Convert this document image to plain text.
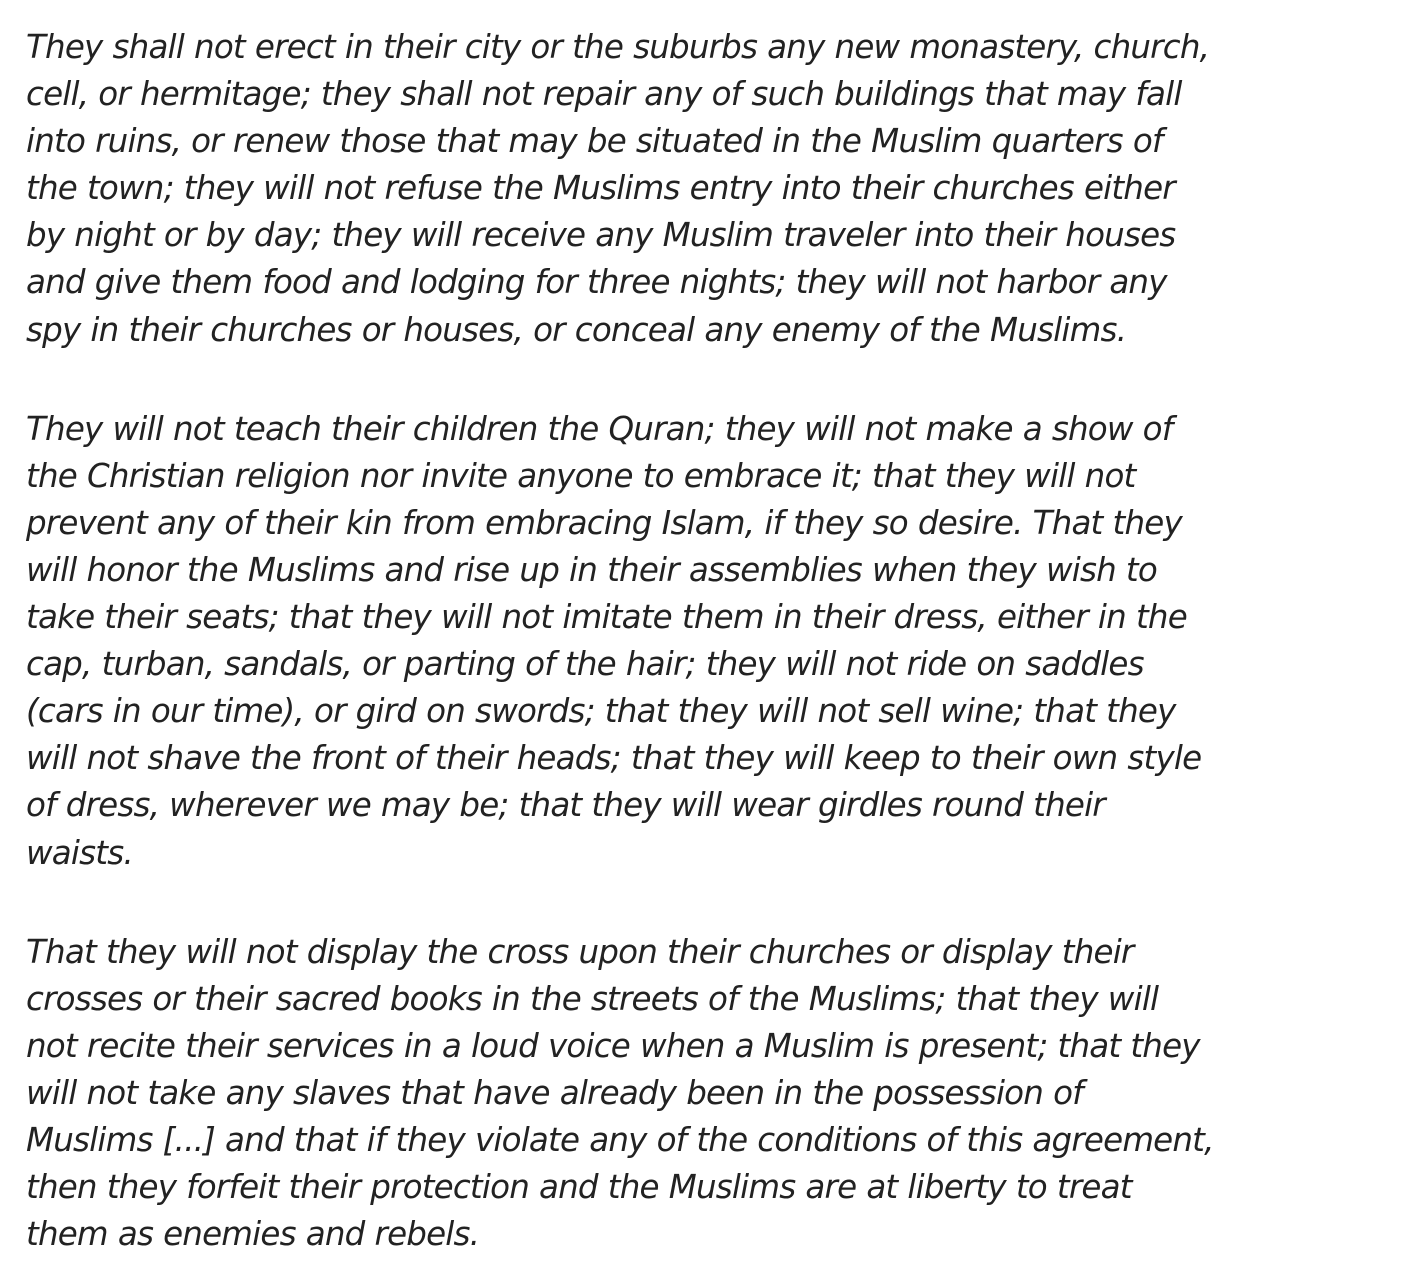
They shall not erect in their city or the suburbs any new monastery, church,
cell, or hermitage; they shall not repair any of such buildings that may fall
into ruins, or renew those that may be situated in the Muslim quarters of
the town; they will not refuse the Muslims entry into their churches either
by night or by day; they will receive any Muslim traveler into their houses
and give them food and lodging for three nights; they will not harbor any
spy in their churches or houses, or conceal any enemy of the Muslims.

They will not teach their children the Quran; they will not make a show of
the Christian religion nor invite anyone to embrace it; that they will not
prevent any of their kin from embracing Islam, if they so desire. That they
will honor the Muslims and rise up in their assemblies when they wish to
take their seats; that they will not imitate them in their dress, either in the
cap, turban, sandals, or parting of the hair; they will not ride on saddles
(cars in our time), or gird on swords; that they will not sell wine; that they
will not shave the front of their heads; that they will keep to their own style
of dress, wherever we may be; that they will wear girdles round their
waists.

That they will not display the cross upon their churches or display their
crosses or their sacred books in the streets of the Muslims; that they will
not recite their services in a loud voice when a Muslim is present; that they
will not take any slaves that have already been in the possession of
Muslims [...] and that if they violate any of the conditions of this agreement,
then they forfeit their protection and the Muslims are at liberty to treat
them as enemies and rebels.
